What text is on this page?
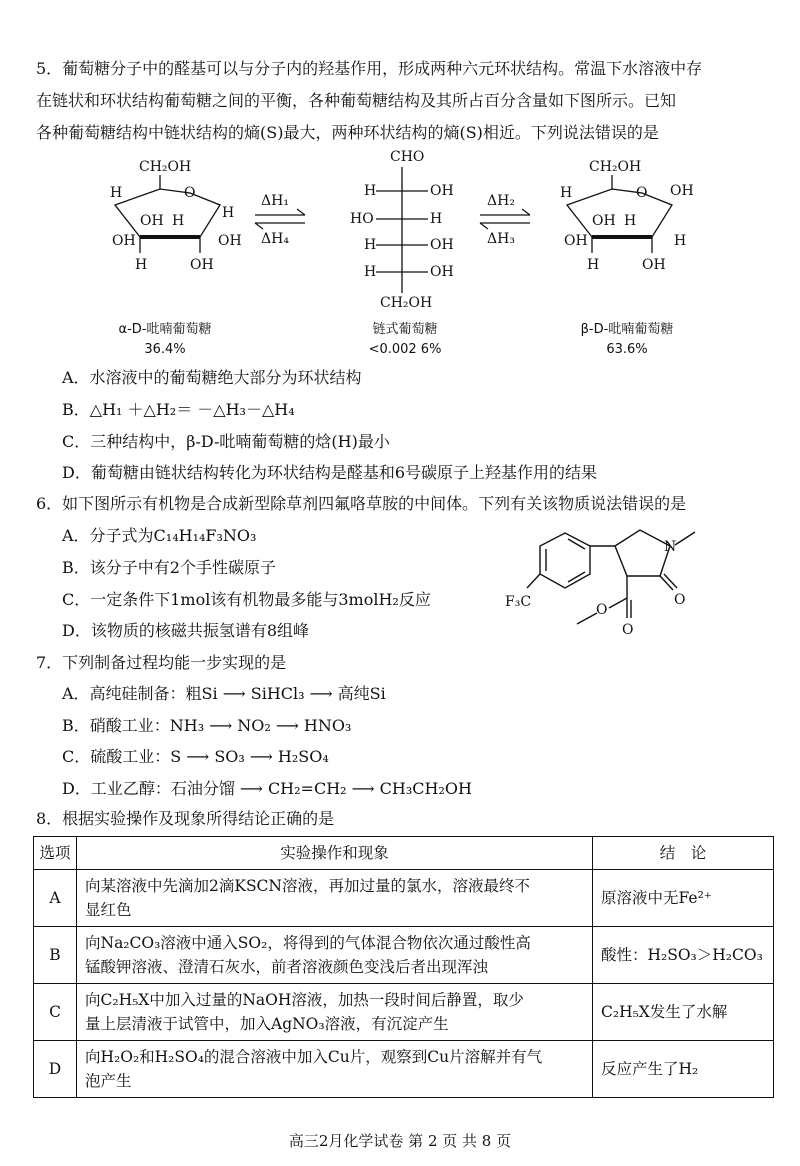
5．葡萄糖分子中的醛基可以与分子内的羟基作用，形成两种六元环状结构。常温下水溶液中存
在链状和环状结构葡萄糖之间的平衡，各种葡萄糖结构及其所占百分含量如下图所示。已知
各种葡萄糖结构中链状结构的熵(S)最大，两种环状结构的熵(S)相近。下列说法错误的是
CH₂OH
O
H
OH H
OH
H
OH
H	OH
ΔH₁
ΔH₄
CHO
H	OH
HO	H
H	OH
H	OH
CH₂OH
ΔH₂
ΔH₃
CH₂OH
O OH
H
OH H
OH	H
H	OH
α-D-吡喃葡萄糖
36.4%
链式葡萄糖
<0.002 6%
β-D-吡喃葡萄糖
63.6%
A．水溶液中的葡萄糖绝大部分为环状结构
B．△H₁ ＋△H₂＝ －△H₃－△H₄
C．三种结构中，β-D-吡喃葡萄糖的焓(H)最小
D．葡萄糖由链状结构转化为环状结构是醛基和6号碳原子上羟基作用的结果
6．如下图所示有机物是合成新型除草剂四氟咯草胺的中间体。下列有关该物质说法错误的是
A．分子式为C₁₄H₁₄F₃NO₃
B．该分子中有2个手性碳原子
C．一定条件下1mol该有机物最多能与3molH₂反应
D．该物质的核磁共振氢谱有8组峰
F₃C
N
O
O
O
7．下列制备过程均能一步实现的是
A．高纯硅制备：粗Si ⟶ SiHCl₃ ⟶ 高纯Si
B．硝酸工业：NH₃ ⟶ NO₂ ⟶ HNO₃
C．硫酸工业：S ⟶ SO₃ ⟶ H₂SO₄
D．工业乙醇：石油分馏 ⟶ CH₂=CH₂ ⟶ CH₃CH₂OH
8．根据实验操作及现象所得结论正确的是
选项	实验操作和现象	结　论
A	向某溶液中先滴加2滴KSCN溶液，再加过量的氯水，溶液最终不
显红色	原溶液中无Fe²⁺
B	向Na₂CO₃溶液中通入SO₂，将得到的气体混合物依次通过酸性高
锰酸钾溶液、澄清石灰水，前者溶液颜色变浅后者出现浑浊	酸性：H₂SO₃＞H₂CO₃
C	向C₂H₅X中加入过量的NaOH溶液，加热一段时间后静置，取少
量上层清液于试管中，加入AgNO₃溶液，有沉淀产生	C₂H₅X发生了水解
D	向H₂O₂和H₂SO₄的混合溶液中加入Cu片，观察到Cu片溶解并有气
泡产生	反应产生了H₂
高三2月化学试卷 第 2 页 共 8 页
